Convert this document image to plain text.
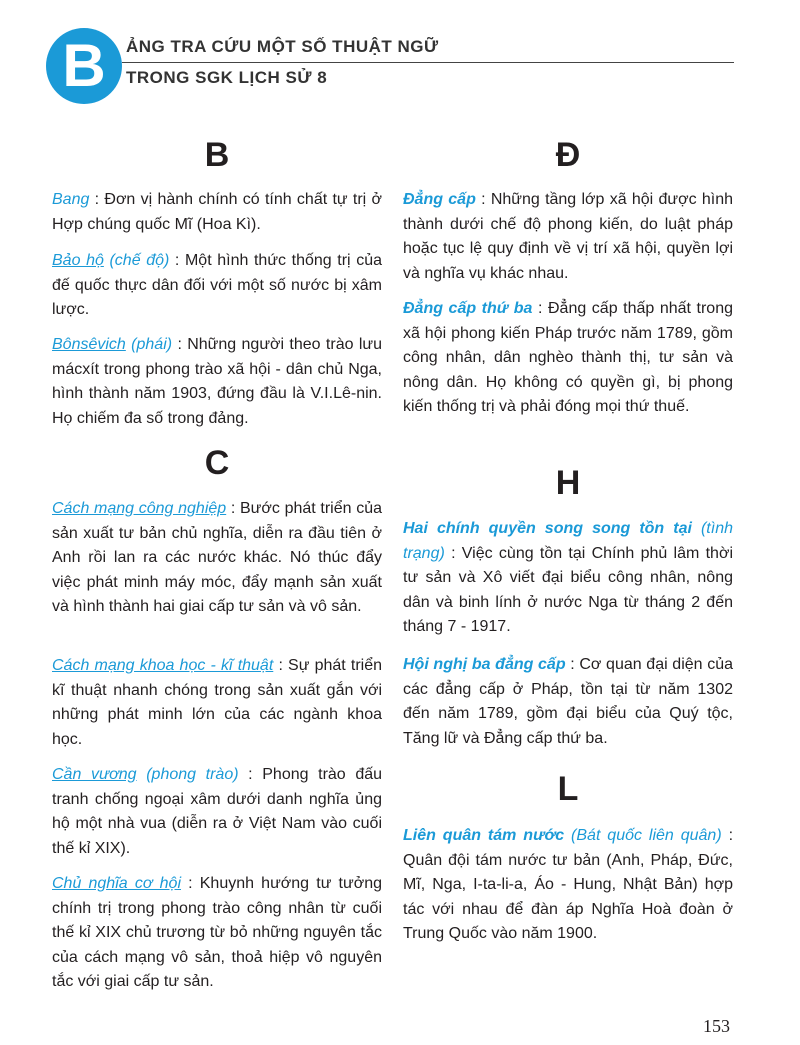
B	ẢNG TRA CỨU MỘT SỐ THUẬT NGỮ
TRONG SGK LỊCH SỬ 8
B
Bang : Đơn vị hành chính có tính chất tự trị ở Hợp chúng quốc Mĩ (Hoa Kì).
Bảo hộ (chế độ) : Một hình thức thống trị của đế quốc thực dân đối với một số nước bị xâm lược.
Bônsêvich (phái) : Những người theo trào lưu mácxít trong phong trào xã hội - dân chủ Nga, hình thành năm 1903, đứng đầu là V.I.Lê-nin. Họ chiếm đa số trong đảng.
C
Cách mạng công nghiệp : Bước phát triển của sản xuất tư bản chủ nghĩa, diễn ra đầu tiên ở Anh rồi lan ra các nước khác. Nó thúc đẩy việc phát minh máy móc, đẩy mạnh sản xuất và hình thành hai giai cấp tư sản và vô sản.
Cách mạng khoa học - kĩ thuật : Sự phát triển kĩ thuật nhanh chóng trong sản xuất gắn với những phát minh lớn của các ngành khoa học.
Cần vương (phong trào) : Phong trào đấu tranh chống ngoại xâm dưới danh nghĩa ủng hộ một nhà vua (diễn ra ở Việt Nam vào cuối thế kỉ XIX).
Chủ nghĩa cơ hội : Khuynh hướng tư tưởng chính trị trong phong trào công nhân từ cuối thế kỉ XIX chủ trương từ bỏ những nguyên tắc của cách mạng vô sản, thoả hiệp vô nguyên tắc với giai cấp tư sản.
Đ
Đẳng cấp : Những tầng lớp xã hội được hình thành dưới chế độ phong kiến, do luật pháp hoặc tục lệ quy định về vị trí xã hội, quyền lợi và nghĩa vụ khác nhau.
Đẳng cấp thứ ba : Đẳng cấp thấp nhất trong xã hội phong kiến Pháp trước năm 1789, gồm công nhân, dân nghèo thành thị, tư sản và nông dân. Họ không có quyền gì, bị phong kiến thống trị và phải đóng mọi thứ thuế.
H
Hai chính quyền song song tồn tại (tình trạng) : Việc cùng tồn tại Chính phủ lâm thời tư sản và Xô viết đại biểu công nhân, nông dân và binh lính ở nước Nga từ tháng 2 đến tháng 7 - 1917.
Hội nghị ba đẳng cấp : Cơ quan đại diện của các đẳng cấp ở Pháp, tồn tại từ năm 1302 đến năm 1789, gồm đại biểu của Quý tộc, Tăng lữ và Đẳng cấp thứ ba.
L
Liên quân tám nước (Bát quốc liên quân) : Quân đội tám nước tư bản (Anh, Pháp, Đức, Mĩ, Nga, I-ta-li-a, Áo - Hung, Nhật Bản) hợp tác với nhau để đàn áp Nghĩa Hoà đoàn ở Trung Quốc vào năm 1900.
153
